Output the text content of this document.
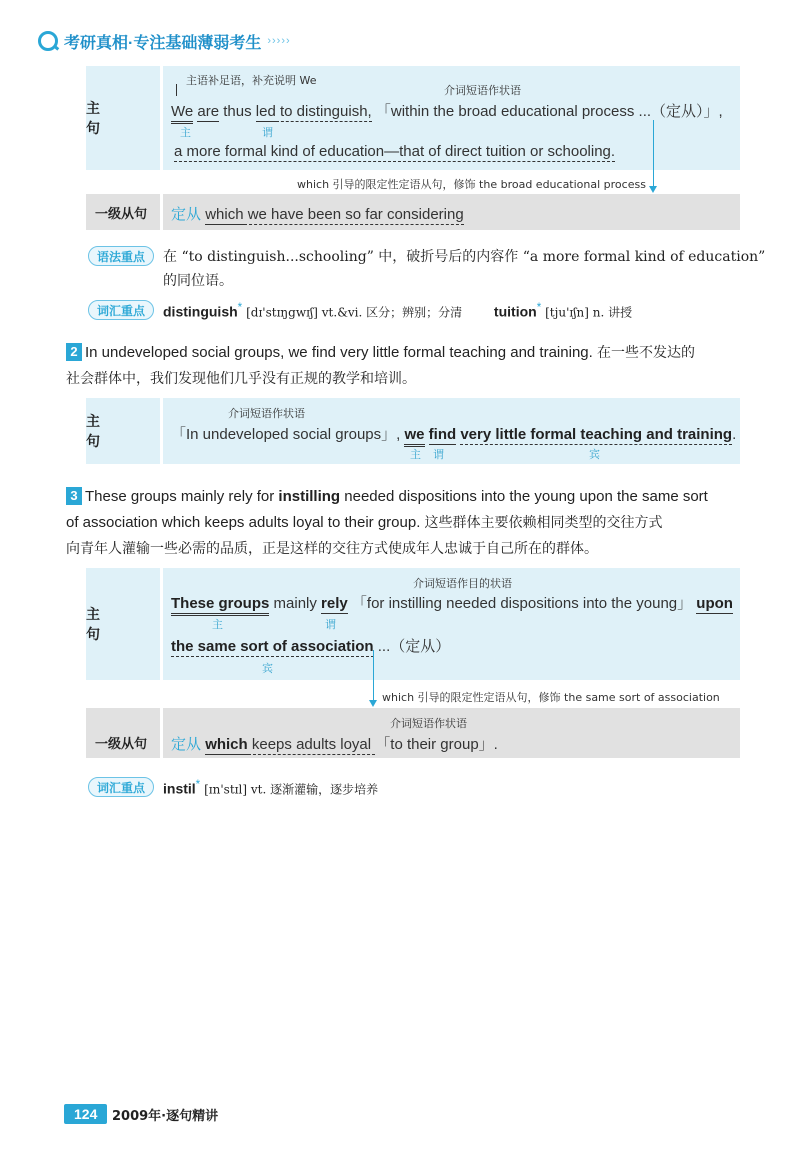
考研真相·专注基础薄弱考生 ›››››
主 句
主语补足语，补充说明 We
介词短语作状语
We are thus led to distinguish, 「within the broad educational process ...（定从）」,
主	谓
a more formal kind of education—that of direct tuition or schooling.
which 引导的限定性定语从句，修饰 the broad educational process
一级从句	定从 which we have been so far considering
语法重点	在 “to distinguish...schooling” 中，破折号后的内容作 “a more formal kind of education”
的同位语。
词汇重点	distinguish* [dɪ'stɪŋgwɪʃ] vt.&vi. 区分；辨别；分清 tuition* [tju'ɪʃn] n. 讲授
2 In undeveloped social groups, we find very little formal teaching and training. 在一些不发达的
社会群体中，我们发现他们几乎没有正规的教学和培训。
主 句
介词短语作状语
「In undeveloped social groups」, we find very little formal teaching and training.
主 谓	宾
3 These groups mainly rely for instilling needed dispositions into the young upon the same sort
of association which keeps adults loyal to their group. 这些群体主要依赖相同类型的交往方式
向青年人灌输一些必需的品质，正是这样的交往方式使成年人忠诚于自己所在的群体。
主 句
介词短语作目的状语
These groups mainly rely 「for instilling needed dispositions into the young」 upon
主	谓
the same sort of association ...（定从）
宾
which 引导的限定性定语从句，修饰 the same sort of association
一级从句
介词短语作状语
定从 which keeps adults loyal 「to their group」.
词汇重点	instil* [ɪn'stɪl] vt. 逐渐灌输，逐步培养
124	2009年·逐句精讲
